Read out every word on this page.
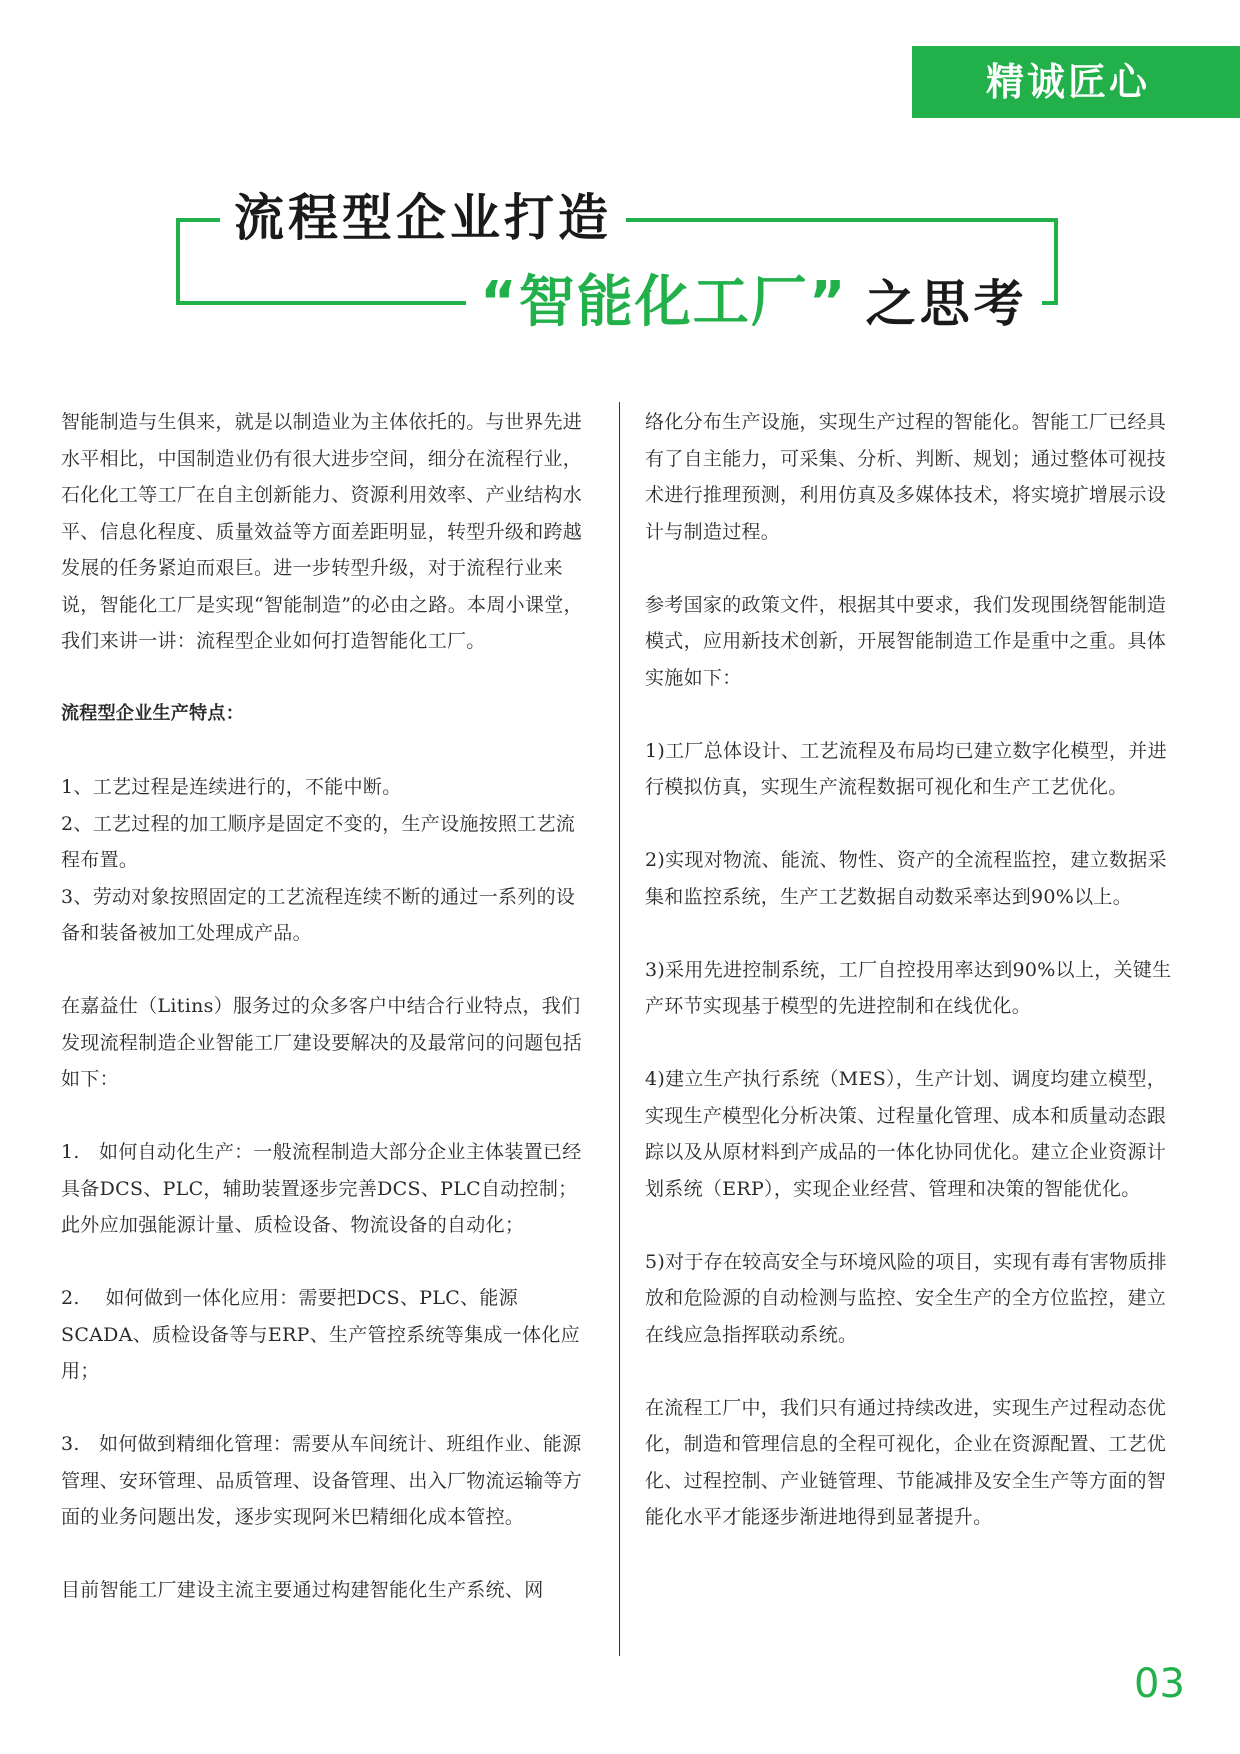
精诚匠心
流程型企业打造
“智能化工厂” 之思考

智能制造与生俱来，就是以制造业为主体依托的。与世界先进水平相比，中国制造业仍有很大进步空间，细分在流程行业，石化化工等工厂在自主创新能力、资源利用效率、产业结构水平、信息化程度、质量效益等方面差距明显，转型升级和跨越发展的任务紧迫而艰巨。进一步转型升级，对于流程行业来说，智能化工厂是实现“智能制造”的必由之路。本周小课堂，我们来讲一讲：流程型企业如何打造智能化工厂。

流程型企业生产特点：

1、工艺过程是连续进行的，不能中断。

2、工艺过程的加工顺序是固定不变的，生产设施按照工艺流程布置。

3、劳动对象按照固定的工艺流程连续不断的通过一系列的设备和装备被加工处理成产品。

在嘉益仕（Litins）服务过的众多客户中结合行业特点，我们发现流程制造企业智能工厂建设要解决的及最常问的问题包括如下：

1.　如何自动化生产：一般流程制造大部分企业主体装置已经具备DCS、PLC，辅助装置逐步完善DCS、PLC自动控制；此外应加强能源计量、质检设备、物流设备的自动化；

2.　 如何做到一体化应用：需要把DCS、PLC、能源SCADA、质检设备等与ERP、生产管控系统等集成一体化应用；

3.　如何做到精细化管理：需要从车间统计、班组作业、能源管理、安环管理、品质管理、设备管理、出入厂物流运输等方面的业务问题出发，逐步实现阿米巴精细化成本管控。

目前智能工厂建设主流主要通过构建智能化生产系统、网

络化分布生产设施，实现生产过程的智能化。智能工厂已经具有了自主能力，可采集、分析、判断、规划；通过整体可视技术进行推理预测，利用仿真及多媒体技术，将实境扩增展示设计与制造过程。

参考国家的政策文件，根据其中要求，我们发现围绕智能制造模式，应用新技术创新，开展智能制造工作是重中之重。具体实施如下：

1)工厂总体设计、工艺流程及布局均已建立数字化模型，并进行模拟仿真，实现生产流程数据可视化和生产工艺优化。

2)实现对物流、能流、物性、资产的全流程监控，建立数据采集和监控系统，生产工艺数据自动数采率达到90%以上。

3)采用先进控制系统，工厂自控投用率达到90%以上，关键生产环节实现基于模型的先进控制和在线优化。

4)建立生产执行系统（MES），生产计划、调度均建立模型，实现生产模型化分析决策、过程量化管理、成本和质量动态跟踪以及从原材料到产成品的一体化协同优化。建立企业资源计划系统（ERP），实现企业经营、管理和决策的智能优化。

5)对于存在较高安全与环境风险的项目，实现有毒有害物质排放和危险源的自动检测与监控、安全生产的全方位监控，建立在线应急指挥联动系统。

在流程工厂中，我们只有通过持续改进，实现生产过程动态优化，制造和管理信息的全程可视化，企业在资源配置、工艺优化、过程控制、产业链管理、节能减排及安全生产等方面的智能化水平才能逐步渐进地得到显著提升。

03
